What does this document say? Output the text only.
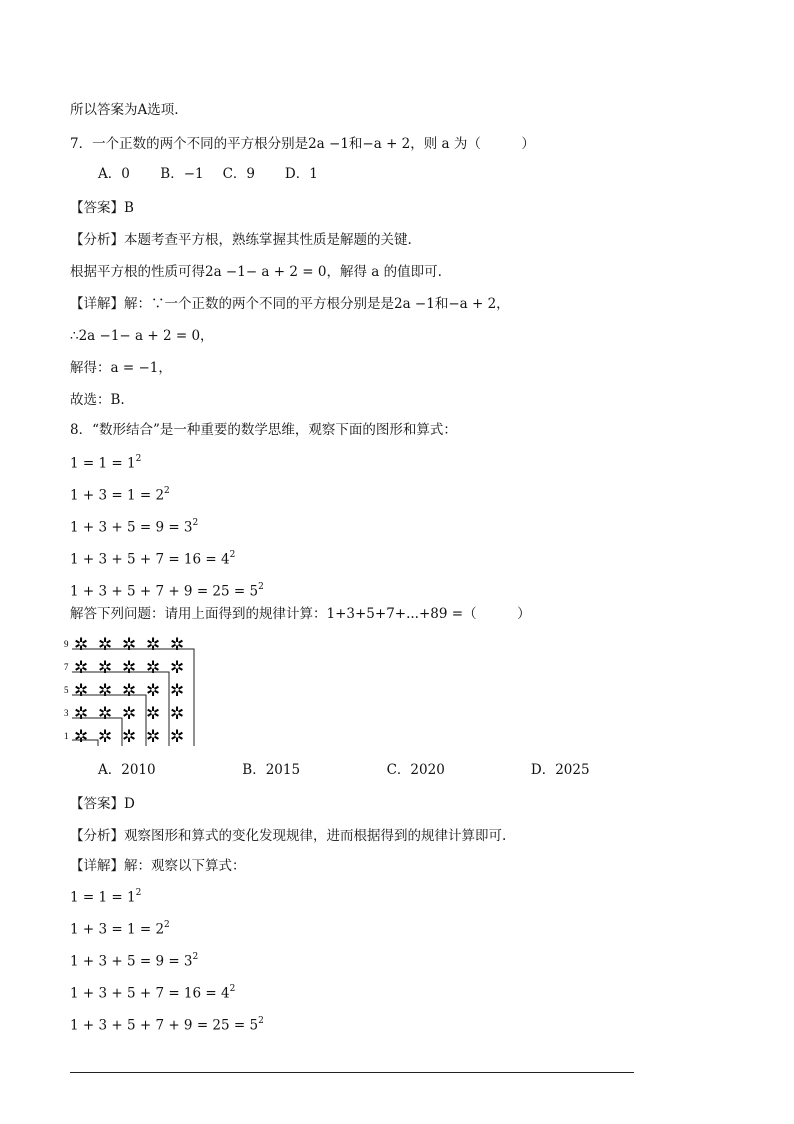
所以答案为A选项.
7．一个正数的两个不同的平方根分别是2a −1和−a + 2，则 a 为（　　　）
A．0 B．−1 C．9 D．1
【答案】B
【分析】本题考查平方根，熟练掌握其性质是解题的关键.
根据平方根的性质可得2a −1− a + 2 = 0，解得 a 的值即可.
【详解】解：∵一个正数的两个不同的平方根分别是是2a −1和−a + 2，
∴2a −1− a + 2 = 0，
解得：a = −1，
故选：B.
8．“数形结合”是一种重要的数学思维，观察下面的图形和算式：
$1 = 1 = 1^2$
$1 + 3 = 1 = 2^2$
$1 + 3 + 5 = 9 = 3^2$
$1 + 3 + 5 + 7 = 16 = 4^2$
$1 + 3 + 5 + 7 + 9 = 25 = 5^2$
解答下列问题：请用上面得到的规律计算：1+3+5+7+...+89 =（　　　）
9
7
5
3
1
✲ ✲ ✲ ✲ ✲
✲ ✲ ✲ ✲ ✲
✲ ✲ ✲ ✲ ✲
✲ ✲ ✲ ✲ ✲
✲ ✲ ✲ ✲ ✲
A．2010	B．2015	C．2020	D．2025
【答案】D
【分析】观察图形和算式的变化发现规律，进而根据得到的规律计算即可.
【详解】解：观察以下算式：
$1 = 1 = 1^2$
$1 + 3 = 1 = 2^2$
$1 + 3 + 5 = 9 = 3^2$
$1 + 3 + 5 + 7 = 16 = 4^2$
$1 + 3 + 5 + 7 + 9 = 25 = 5^2$
